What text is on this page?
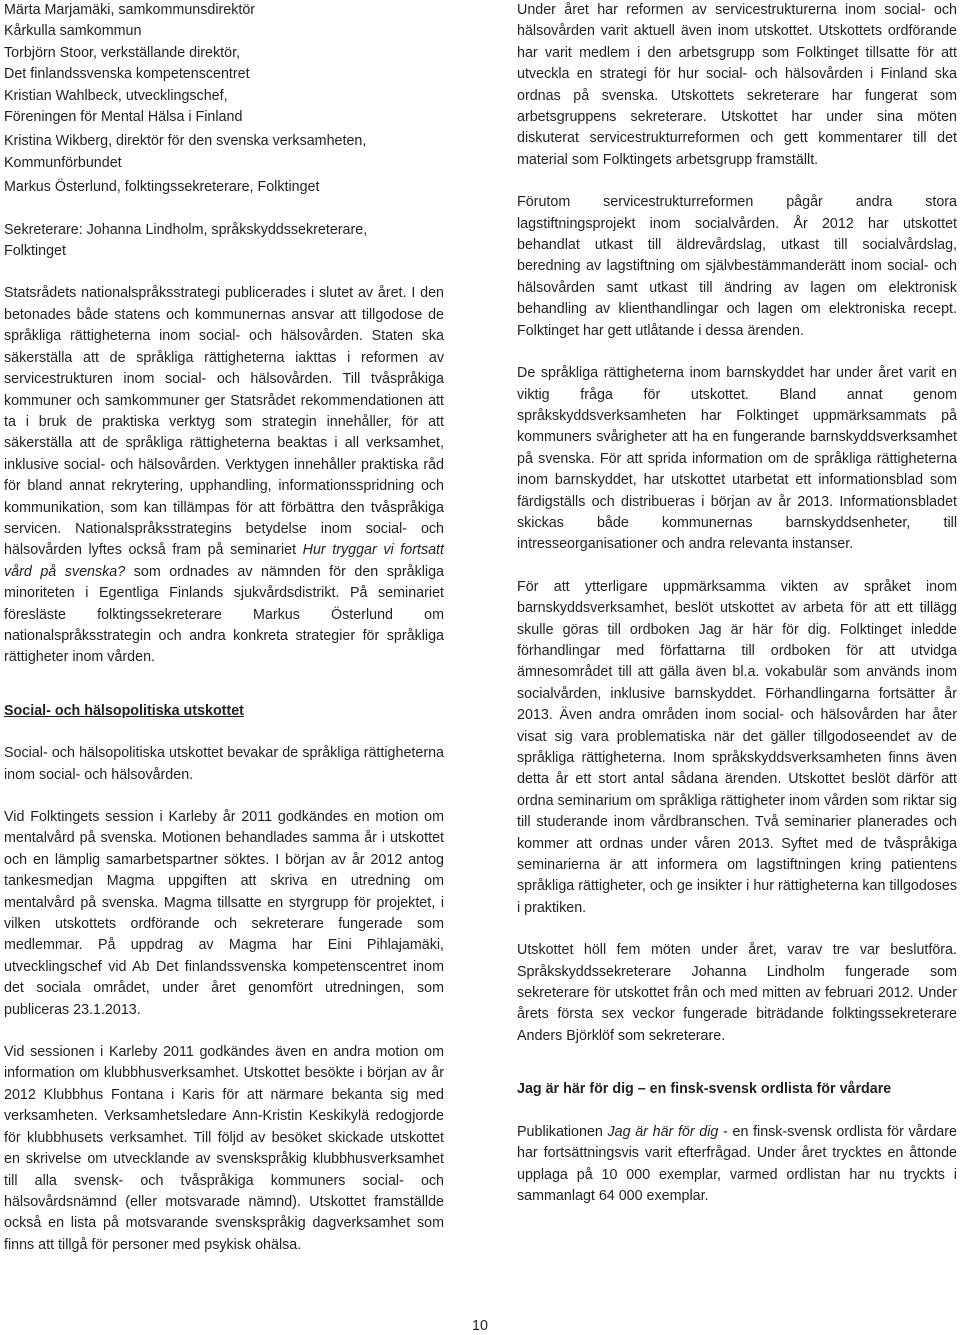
Märta Marjamäki, samkommunsdirektör

Kårkulla samkommun

Torbjörn Stoor, verkställande direktör,

Det finlandssvenska kompetenscentret

Kristian Wahlbeck, utvecklingschef,

Föreningen för Mental Hälsa i Finland

Kristina Wikberg, direktör för den svenska verksamheten,

Kommunförbundet

Markus Österlund, folktingssekreterare, Folktinget

Sekreterare: Johanna Lindholm, språkskyddssekreterare,

Folktinget

Statsrådets nationalspråksstrategi publicerades i slutet av året. I den betonades både statens och kommunernas ansvar att tillgodose de språkliga rättigheterna inom social- och hälsovården. Staten ska säkerställa att de språkliga rättigheterna iakttas i reformen av servicestrukturen inom social- och hälsovården. Till tvåspråkiga kommuner och samkommuner ger Statsrådet rekommendationen att ta i bruk de praktiska verktyg som strategin innehåller, för att säkerställa att de språkliga rättigheterna beaktas i all verksamhet, inklusive social- och hälsovården. Verktygen innehåller praktiska råd för bland annat rekrytering, upphandling, informationsspridning och kommunikation, som kan tillämpas för att förbättra den tvåspråkiga servicen. Nationalspråksstrategins betydelse inom social- och hälsovården lyftes också fram på seminariet Hur tryggar vi fortsatt vård på svenska? som ordnades av nämnden för den språkliga minoriteten i Egentliga Finlands sjukvårdsdistrikt. På seminariet föresläste folktingssekreterare Markus Österlund om nationalspråksstrategin och andra konkreta strategier för språkliga rättigheter inom vården.

Social- och hälsopolitiska utskottet

Social- och hälsopolitiska utskottet bevakar de språkliga rättigheterna inom social- och hälsovården.

Vid Folktingets session i Karleby år 2011 godkändes en motion om mentalvård på svenska. Motionen behandlades samma år i utskottet och en lämplig samarbetspartner söktes. I början av år 2012 antog tankesmedjan Magma uppgiften att skriva en utredning om mentalvård på svenska. Magma tillsatte en styrgrupp för projektet, i vilken utskottets ordförande och sekreterare fungerade som medlemmar. På uppdrag av Magma har Eini Pihlajamäki, utvecklingschef vid Ab Det finlandssvenska kompetenscentret inom det sociala området, under året genomfört utredningen, som publiceras 23.1.2013.

Vid sessionen i Karleby 2011 godkändes även en andra motion om information om klubbhusverksamhet. Utskottet besökte i början av år 2012 Klubbhus Fontana i Karis för att närmare bekanta sig med verksamheten. Verksamhetsledare Ann-Kristin Keskikylä redogjorde för klubbhusets verksamhet. Till följd av besöket skickade utskottet en skrivelse om utvecklande av svenskspråkig klubbhusverksamhet till alla svensk- och tvåspråkiga kommuners social- och hälsovårdsnämnd (eller motsvarade nämnd). Utskottet framställde också en lista på motsvarande svenskspråkig dagverksamhet som finns att tillgå för personer med psykisk ohälsa.

Under året har reformen av servicestrukturerna inom social- och hälsovården varit aktuell även inom utskottet. Utskottets ordförande har varit medlem i den arbetsgrupp som Folktinget tillsatte för att utveckla en strategi för hur social- och hälsovården i Finland ska ordnas på svenska. Utskottets sekreterare har fungerat som arbetsgruppens sekreterare. Utskottet har under sina möten diskuterat servicestrukturreformen och gett kommentarer till det material som Folktingets arbetsgrupp framställt.

Förutom servicestrukturreformen pågår andra stora lagstiftningsprojekt inom socialvården. År 2012 har utskottet behandlat utkast till äldrevårdslag, utkast till socialvårdslag, beredning av lagstiftning om självbestämmanderätt inom social- och hälsovården samt utkast till ändring av lagen om elektronisk behandling av klienthandlingar och lagen om elektroniska recept. Folktinget har gett utlåtande i dessa ärenden.

De språkliga rättigheterna inom barnskyddet har under året varit en viktig fråga för utskottet. Bland annat genom språkskyddsverksamheten har Folktinget uppmärksammats på kommuners svårigheter att ha en fungerande barnskyddsverksamhet på svenska. För att sprida information om de språkliga rättigheterna inom barnskyddet, har utskottet utarbetat ett informationsblad som färdigställs och distribueras i början av år 2013. Informationsbladet skickas både kommunernas barnskyddsenheter, till intresseorganisationer och andra relevanta instanser.

För att ytterligare uppmärksamma vikten av språket inom barnskyddsverksamhet, beslöt utskottet av arbeta för att ett tillägg skulle göras till ordboken Jag är här för dig. Folktinget inledde förhandlingar med författarna till ordboken för att utvidga ämnesområdet till att gälla även bl.a. vokabulär som används inom socialvården, inklusive barnskyddet. Förhandlingarna fortsätter år 2013. Även andra områden inom social- och hälsovården har åter visat sig vara problematiska när det gäller tillgodoseendet av de språkliga rättigheterna. Inom språkskyddsverksamheten finns även detta år ett stort antal sådana ärenden. Utskottet beslöt därför att ordna seminarium om språkliga rättigheter inom vården som riktar sig till studerande inom vårdbranschen. Två seminarier planerades och kommer att ordnas under våren 2013. Syftet med de tvåspråkiga seminarierna är att informera om lagstiftningen kring patientens språkliga rättigheter, och ge insikter i hur rättigheterna kan tillgodoses i praktiken.

Utskottet höll fem möten under året, varav tre var beslutföra. Språkskyddssekreterare Johanna Lindholm fungerade som sekreterare för utskottet från och med mitten av februari 2012. Under årets första sex veckor fungerade biträdande folktingssekreterare Anders Björklöf som sekreterare.

Jag är här för dig – en finsk-svensk ordlista för vårdare

Publikationen Jag är här för dig - en finsk-svensk ordlista för vårdare har fortsättningsvis varit efterfrågad. Under året trycktes en åttonde upplaga på 10 000 exemplar, varmed ordlistan har nu tryckts i sammanlagt 64 000 exemplar.

10
